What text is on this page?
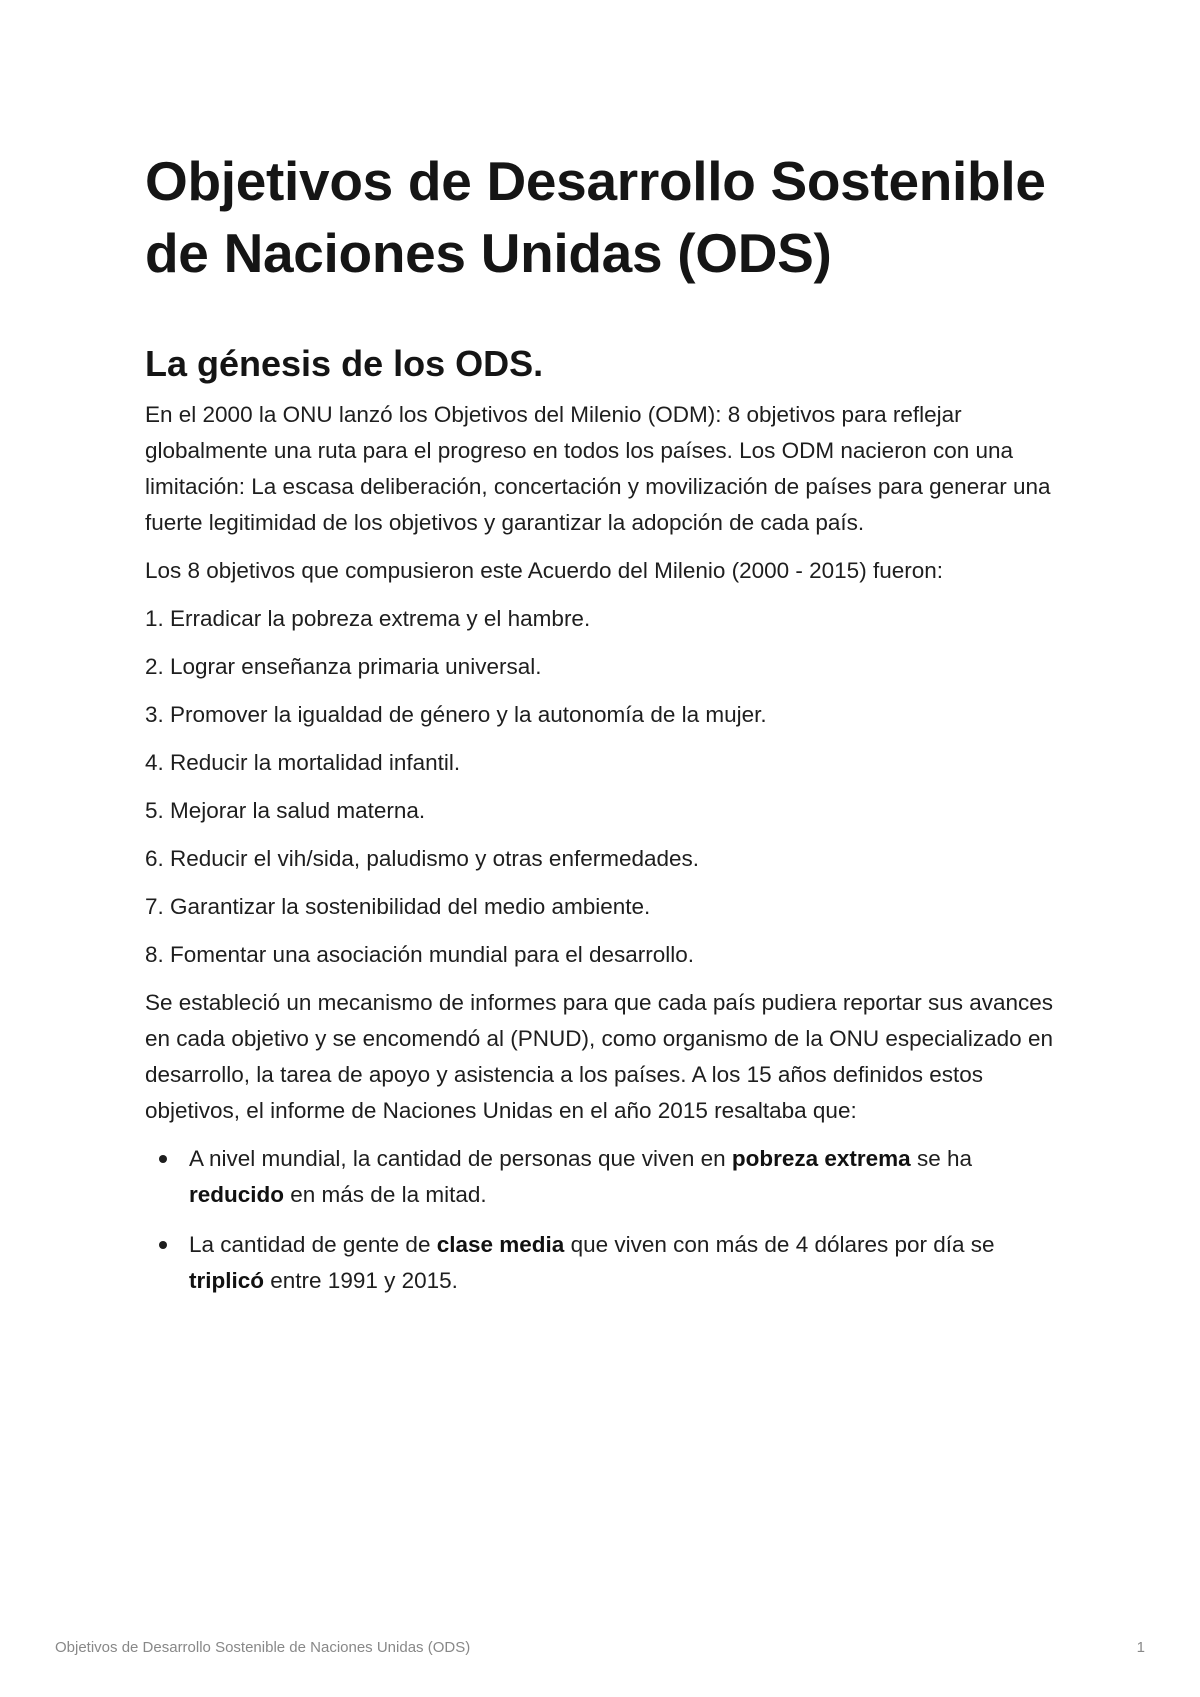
Objetivos de Desarrollo Sostenible de Naciones Unidas (ODS)
La génesis de los ODS.

En el 2000 la ONU lanzó los Objetivos del Milenio (ODM): 8 objetivos para reflejar globalmente una ruta para el progreso en todos los países. Los ODM nacieron con una limitación: La escasa deliberación, concertación y movilización de países para generar una fuerte legitimidad de los objetivos y garantizar la adopción de cada país.

Los 8 objetivos que compusieron este Acuerdo del Milenio (2000 - 2015) fueron:

1. Erradicar la pobreza extrema y el hambre.

2. Lograr enseñanza primaria universal.

3. Promover la igualdad de género y la autonomía de la mujer.

4. Reducir la mortalidad infantil.

5. Mejorar la salud materna.

6. Reducir el vih/sida, paludismo y otras enfermedades.

7. Garantizar la sostenibilidad del medio ambiente.

8. Fomentar una asociación mundial para el desarrollo.

Se estableció un mecanismo de informes para que cada país pudiera reportar sus avances en cada objetivo y se encomendó al (PNUD), como organismo de la ONU especializado en desarrollo, la tarea de apoyo y asistencia a los países. A los 15 años definidos estos objetivos, el informe de Naciones Unidas en el año 2015 resaltaba que:

A nivel mundial, la cantidad de personas que viven en pobreza extrema se ha reducido en más de la mitad.
La cantidad de gente de clase media que viven con más de 4 dólares por día se triplicó entre 1991 y 2015.
Objetivos de Desarrollo Sostenible de Naciones Unidas (ODS)	1
